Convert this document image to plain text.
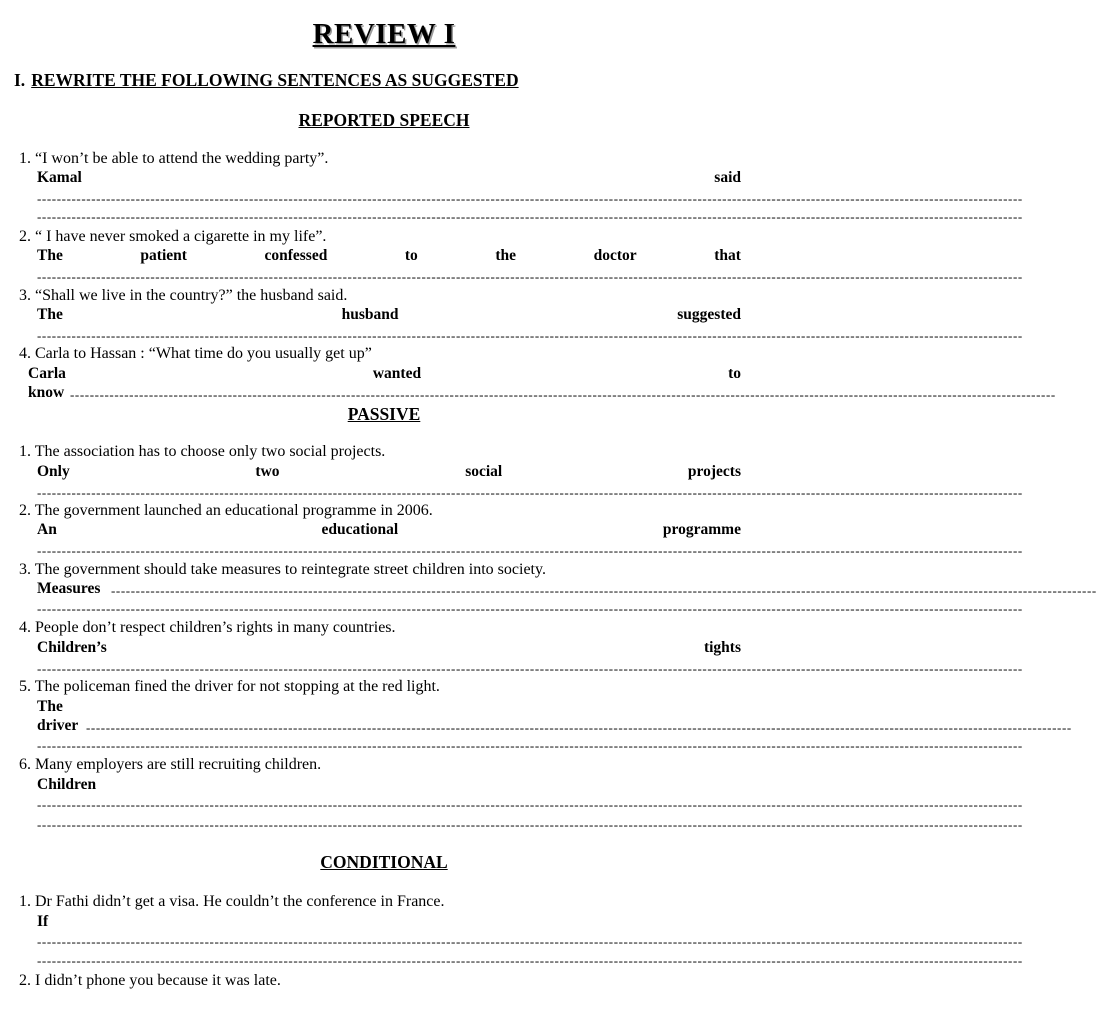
REVIEW I
I. REWRITE THE FOLLOWING SENTENCES AS SUGGESTED
REPORTED SPEECH
1. “I won’t be able to attend the wedding party”.
Kamal	said
--------------------------------------------------------------------------------------------------------------------------------------------------------------------------------------------------------
--------------------------------------------------------------------------------------------------------------------------------------------------------------------------------------------------------
2. “ I have never smoked a cigarette in my life”.
The	patient	confessed	to	the	doctor	that
--------------------------------------------------------------------------------------------------------------------------------------------------------------------------------------------------------
3. “Shall we live in the country?” the husband said.
The	husband	suggested
--------------------------------------------------------------------------------------------------------------------------------------------------------------------------------------------------------
4. Carla to Hassan : “What time do you usually get up”
Carla	wanted	to
know --------------------------------------------------------------------------------------------------------------------------------------------------------------------------------------------------------
PASSIVE
1. The association has to choose only two social projects.
Only	two	social	projects
--------------------------------------------------------------------------------------------------------------------------------------------------------------------------------------------------------
2. The government launched an educational programme in 2006.
An	educational	programme
--------------------------------------------------------------------------------------------------------------------------------------------------------------------------------------------------------
3. The government should take measures to reintegrate street children into society.
Measures --------------------------------------------------------------------------------------------------------------------------------------------------------------------------------------------------------
--------------------------------------------------------------------------------------------------------------------------------------------------------------------------------------------------------
4. People don’t respect children’s rights in many countries.
Children’s	tights
--------------------------------------------------------------------------------------------------------------------------------------------------------------------------------------------------------
5. The policeman fined the driver for not stopping at the red light.
The
driver --------------------------------------------------------------------------------------------------------------------------------------------------------------------------------------------------------
--------------------------------------------------------------------------------------------------------------------------------------------------------------------------------------------------------
6. Many employers are still recruiting children.
Children
--------------------------------------------------------------------------------------------------------------------------------------------------------------------------------------------------------
--------------------------------------------------------------------------------------------------------------------------------------------------------------------------------------------------------
CONDITIONAL
1. Dr Fathi didn’t get a visa. He couldn’t the conference in France.
If
--------------------------------------------------------------------------------------------------------------------------------------------------------------------------------------------------------
--------------------------------------------------------------------------------------------------------------------------------------------------------------------------------------------------------
2. I didn’t phone you because it was late.
